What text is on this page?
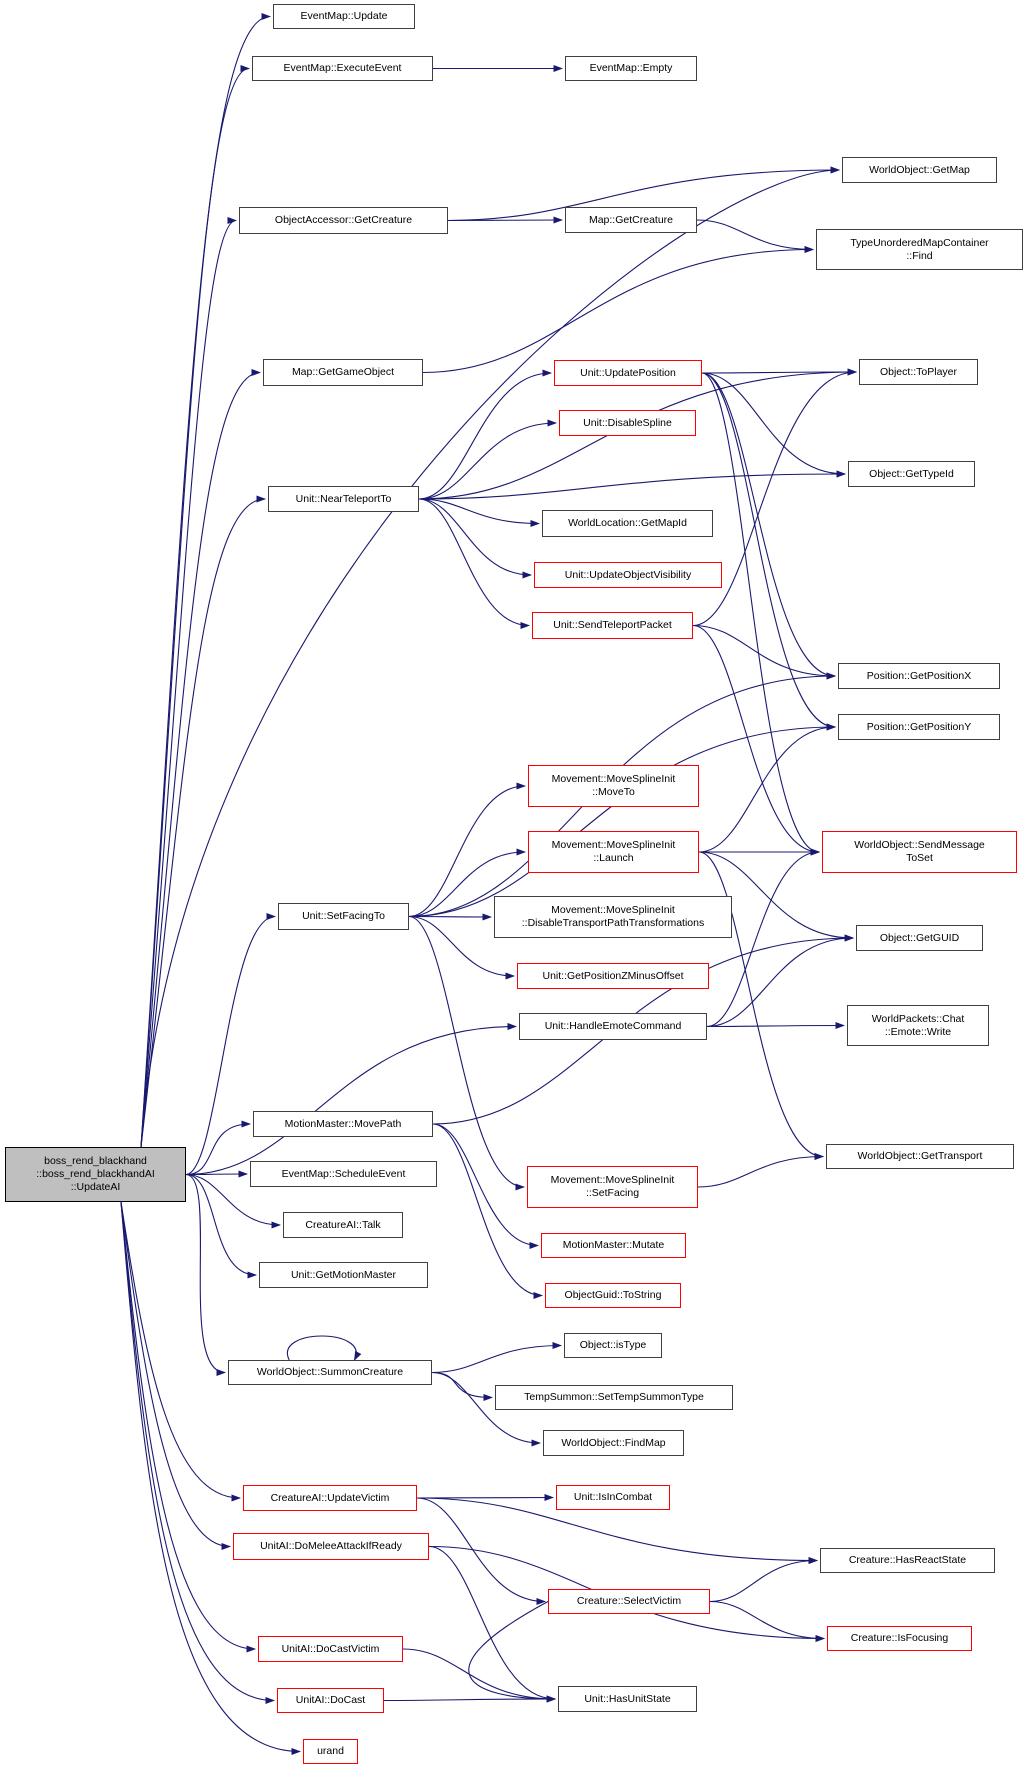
boss_rend_blackhand
::boss_rend_blackhandAI
::UpdateAI
EventMap::Update
EventMap::ExecuteEvent	EventMap::Empty
WorldObject::GetMap
ObjectAccessor::GetCreature	Map::GetCreature
TypeUnorderedMapContainer
::Find
Map::GetGameObject	Unit::UpdatePosition	Object::ToPlayer
Unit::DisableSpline
Object::GetTypeId
Unit::NearTeleportTo
WorldLocation::GetMapId
Unit::UpdateObjectVisibility
Unit::SendTeleportPacket
Position::GetPositionX
Position::GetPositionY
Movement::MoveSplineInit
::MoveTo
Movement::MoveSplineInit
::Launch
WorldObject::SendMessage
ToSet
Unit::SetFacingTo	Movement::MoveSplineInit
::DisableTransportPathTransformations
Object::GetGUID
Unit::GetPositionZMinusOffset
Unit::HandleEmoteCommand
WorldPackets::Chat
::Emote::Write
MotionMaster::MovePath
EventMap::ScheduleEvent
CreatureAI::Talk
Unit::GetMotionMaster
Movement::MoveSplineInit
::SetFacing
MotionMaster::Mutate
ObjectGuid::ToString
Object::isType
WorldObject::SummonCreature
TempSummon::SetTempSummonType
WorldObject::FindMap
WorldObject::GetTransport
CreatureAI::UpdateVictim	Unit::IsInCombat
Creature::HasReactState
UnitAI::DoMeleeAttackIfReady
Creature::SelectVictim
Creature::IsFocusing
UnitAI::DoCastVictim
UnitAI::DoCast	Unit::HasUnitState
urand
